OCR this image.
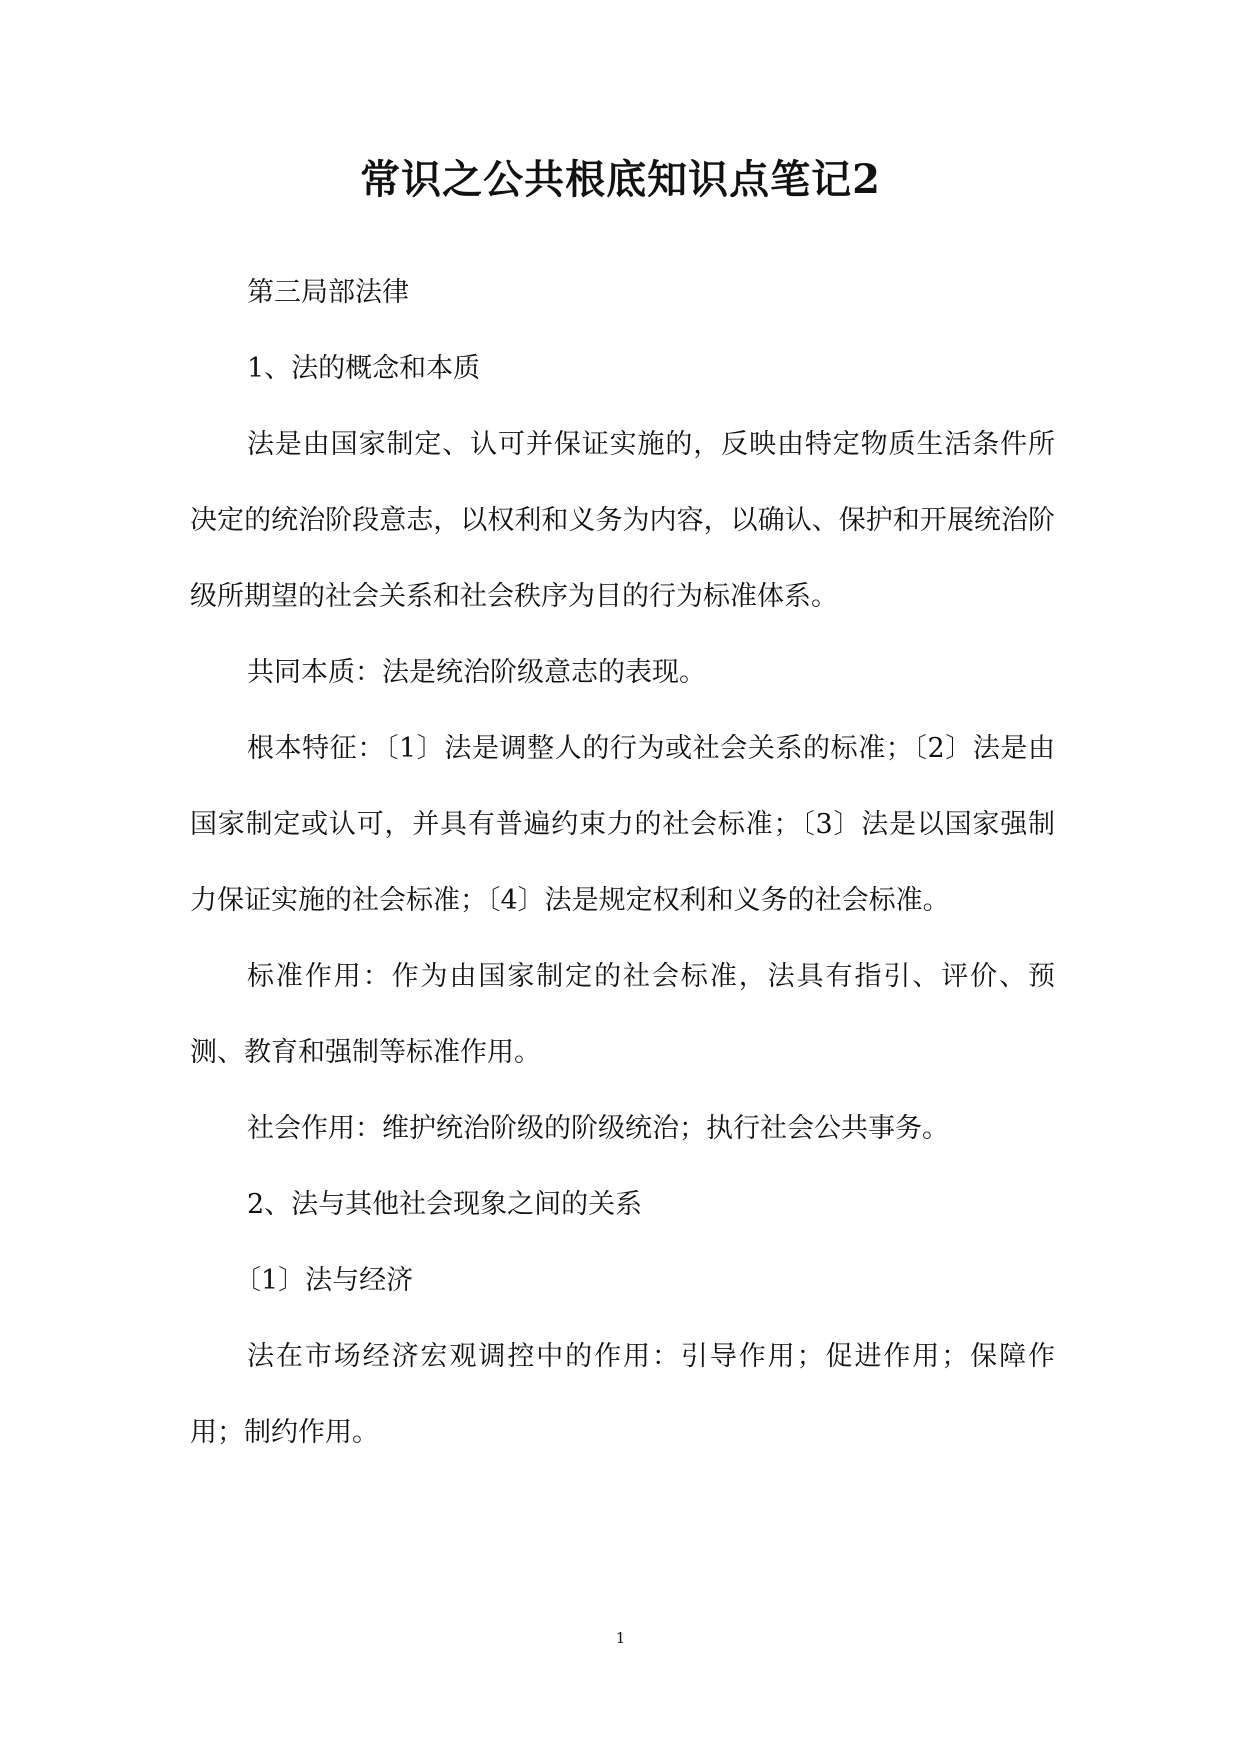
常识之公共根底知识点笔记2

第三局部法律

1、法的概念和本质

法是由国家制定、认可并保证实施的，反映由特定物质生活条件所决定的统治阶段意志，以权利和义务为内容，以确认、保护和开展统治阶级所期望的社会关系和社会秩序为目的行为标准体系。

共同本质：法是统治阶级意志的表现。

根本特征：〔1〕法是调整人的行为或社会关系的标准；〔2〕法是由国家制定或认可，并具有普遍约束力的社会标准；〔3〕法是以国家强制力保证实施的社会标准；〔4〕法是规定权利和义务的社会标准。

标准作用：作为由国家制定的社会标准，法具有指引、评价、预测、教育和强制等标准作用。

社会作用：维护统治阶级的阶级统治；执行社会公共事务。

2、法与其他社会现象之间的关系

〔1〕法与经济

法在市场经济宏观调控中的作用：引导作用；促进作用；保障作用；制约作用。

1
